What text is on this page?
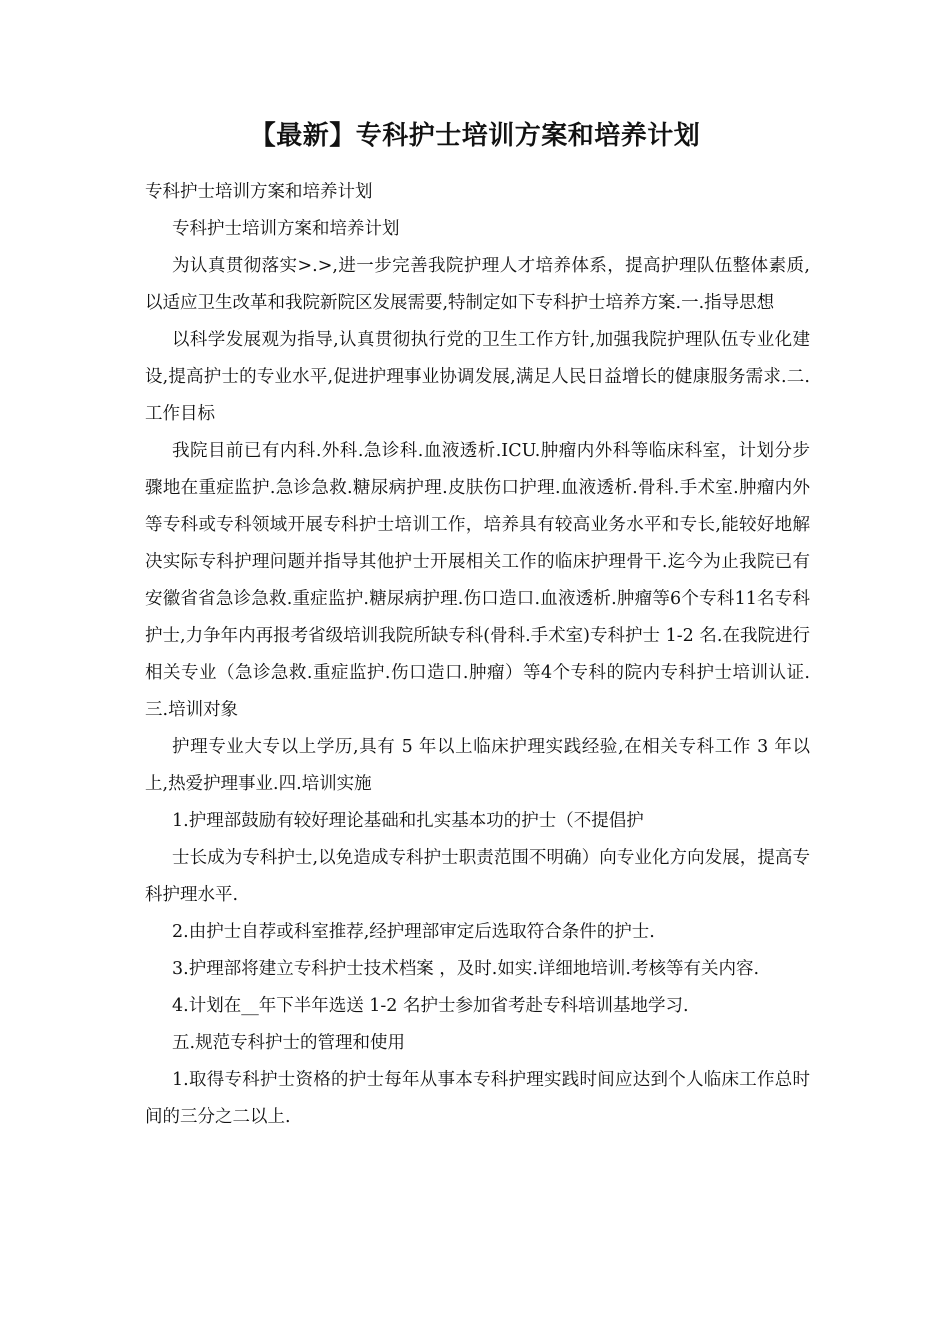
【最新】专科护士培训方案和培养计划

专科护士培训方案和培养计划

专科护士培训方案和培养计划

为认真贯彻落实>.>,进一步完善我院护理人才培养体系，提高护理队伍整体素质,以适应卫生改革和我院新院区发展需要,特制定如下专科护士培养方案.一.指导思想

以科学发展观为指导,认真贯彻执行党的卫生工作方针,加强我院护理队伍专业化建设,提高护士的专业水平,促进护理事业协调发展,满足人民日益增长的健康服务需求.二.工作目标

我院目前已有内科.外科.急诊科.血液透析.ICU.肿瘤内外科等临床科室，计划分步骤地在重症监护.急诊急救.糖尿病护理.皮肤伤口护理.血液透析.骨科.手术室.肿瘤内外等专科或专科领域开展专科护士培训工作，培养具有较高业务水平和专长,能较好地解决实际专科护理问题并指导其他护士开展相关工作的临床护理骨干.迄今为止我院已有安徽省省急诊急救.重症监护.糖尿病护理.伤口造口.血液透析.肿瘤等6个专科11名专科护士,力争年内再报考省级培训我院所缺专科(骨科.手术室)专科护士 1-2 名.在我院进行相关专业（急诊急救.重症监护.伤口造口.肿瘤）等4个专科的院内专科护士培训认证.三.培训对象

护理专业大专以上学历,具有 5 年以上临床护理实践经验,在相关专科工作 3 年以上,热爱护理事业.四.培训实施

1.护理部鼓励有较好理论基础和扎实基本功的护士（不提倡护

士长成为专科护士,以免造成专科护士职责范围不明确）向专业化方向发展，提高专科护理水平.

2.由护士自荐或科室推荐,经护理部审定后选取符合条件的护士.

3.护理部将建立专科护士技术档案 ，及时.如实.详细地培训.考核等有关内容.

4.计划在__年下半年选送 1-2 名护士参加省考赴专科培训基地学习.

五.规范专科护士的管理和使用

1.取得专科护士资格的护士每年从事本专科护理实践时间应达到个人临床工作总时间的三分之二以上.
